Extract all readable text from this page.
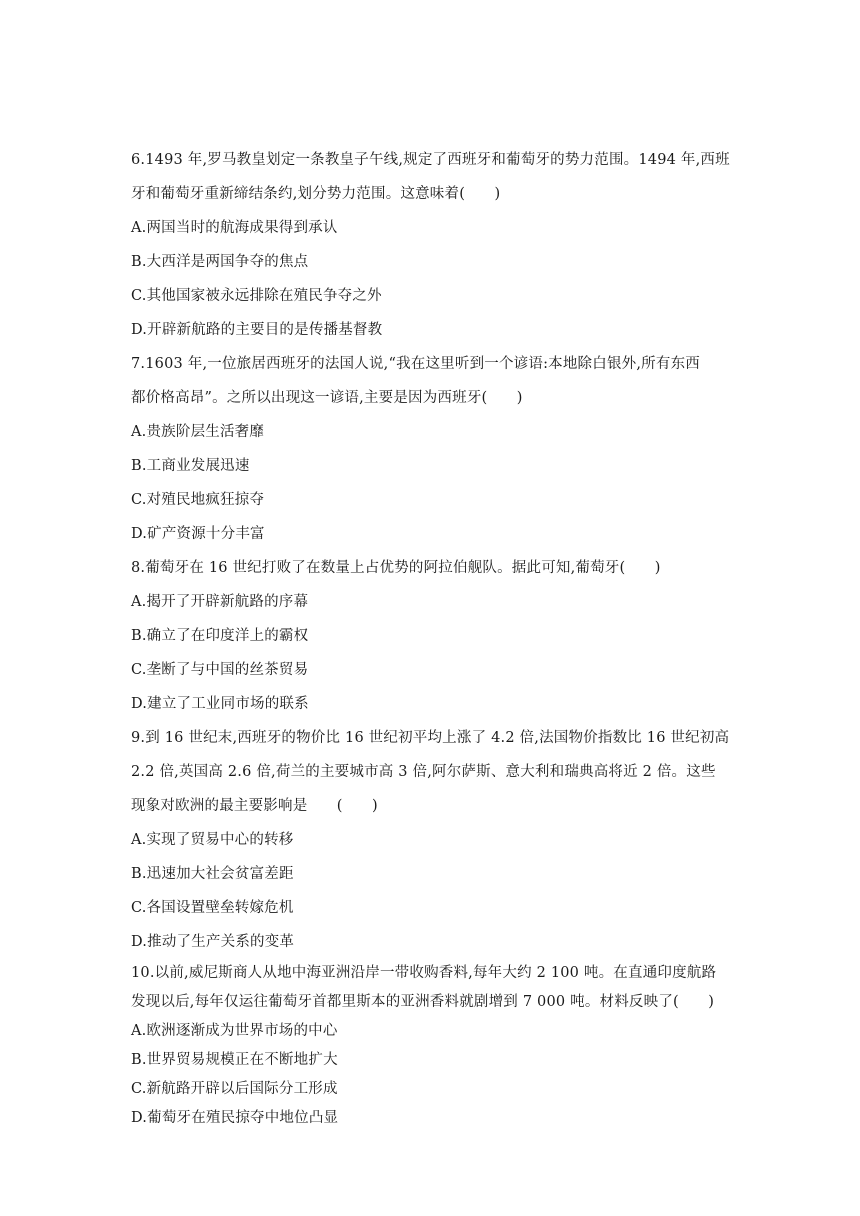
6.1493 年,罗马教皇划定一条教皇子午线,规定了西班牙和葡萄牙的势力范围。1494 年,西班

牙和葡萄牙重新缔结条约,划分势力范围。这意味着(　　)

A.两国当时的航海成果得到承认

B.大西洋是两国争夺的焦点

C.其他国家被永远排除在殖民争夺之外

D.开辟新航路的主要目的是传播基督教

7.1603 年,一位旅居西班牙的法国人说,“我在这里听到一个谚语:本地除白银外,所有东西

都价格高昂”。之所以出现这一谚语,主要是因为西班牙(　　)

A.贵族阶层生活奢靡

B.工商业发展迅速

C.对殖民地疯狂掠夺

D.矿产资源十分丰富

8.葡萄牙在 16 世纪打败了在数量上占优势的阿拉伯舰队。据此可知,葡萄牙(　　)

A.揭开了开辟新航路的序幕

B.确立了在印度洋上的霸权

C.垄断了与中国的丝茶贸易

D.建立了工业同市场的联系

9.到 16 世纪末,西班牙的物价比 16 世纪初平均上涨了 4.2 倍,法国物价指数比 16 世纪初高

2.2 倍,英国高 2.6 倍,荷兰的主要城市高 3 倍,阿尔萨斯、意大利和瑞典高将近 2 倍。这些

现象对欧洲的最主要影响是　　(　　)

A.实现了贸易中心的转移

B.迅速加大社会贫富差距

C.各国设置壁垒转嫁危机

D.推动了生产关系的变革

10.以前,威尼斯商人从地中海亚洲沿岸一带收购香料,每年大约 2 100 吨。在直通印度航路

发现以后,每年仅运往葡萄牙首都里斯本的亚洲香料就剧增到 7 000 吨。材料反映了(　　)

A.欧洲逐渐成为世界市场的中心

B.世界贸易规模正在不断地扩大

C.新航路开辟以后国际分工形成

D.葡萄牙在殖民掠夺中地位凸显
